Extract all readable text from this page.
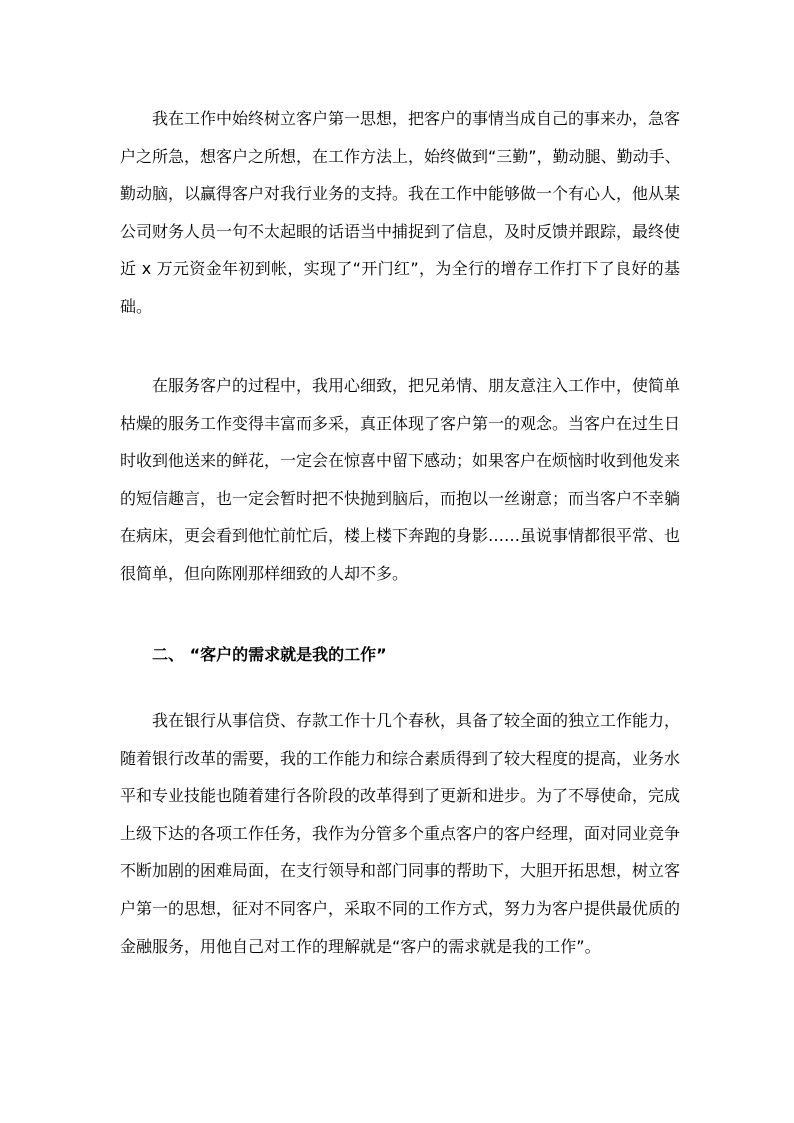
我在工作中始终树立客户第一思想，把客户的事情当成自己的事来办，急客
户之所急，想客户之所想，在工作方法上，始终做到“三勤”，勤动腿、勤动手、
勤动脑，以赢得客户对我行业务的支持。我在工作中能够做一个有心人，他从某
公司财务人员一句不太起眼的话语当中捕捉到了信息，及时反馈并跟踪，最终使
近 x 万元资金年初到帐，实现了“开门红”，为全行的增存工作打下了良好的基
础。
在服务客户的过程中，我用心细致，把兄弟情、朋友意注入工作中，使简单
枯燥的服务工作变得丰富而多采，真正体现了客户第一的观念。当客户在过生日
时收到他送来的鲜花，一定会在惊喜中留下感动；如果客户在烦恼时收到他发来
的短信趣言，也一定会暂时把不快抛到脑后，而抱以一丝谢意；而当客户不幸躺
在病床，更会看到他忙前忙后，楼上楼下奔跑的身影……虽说事情都很平常、也
很简单，但向陈刚那样细致的人却不多。
二、 “客户的需求就是我的工作”
我在银行从事信贷、存款工作十几个春秋，具备了较全面的独立工作能力，
随着银行改革的需要，我的工作能力和综合素质得到了较大程度的提高，业务水
平和专业技能也随着建行各阶段的改革得到了更新和进步。为了不辱使命，完成
上级下达的各项工作任务，我作为分管多个重点客户的客户经理，面对同业竞争
不断加剧的困难局面，在支行领导和部门同事的帮助下，大胆开拓思想，树立客
户第一的思想，征对不同客户，采取不同的工作方式，努力为客户提供最优质的
金融服务，用他自己对工作的理解就是“客户的需求就是我的工作”。
